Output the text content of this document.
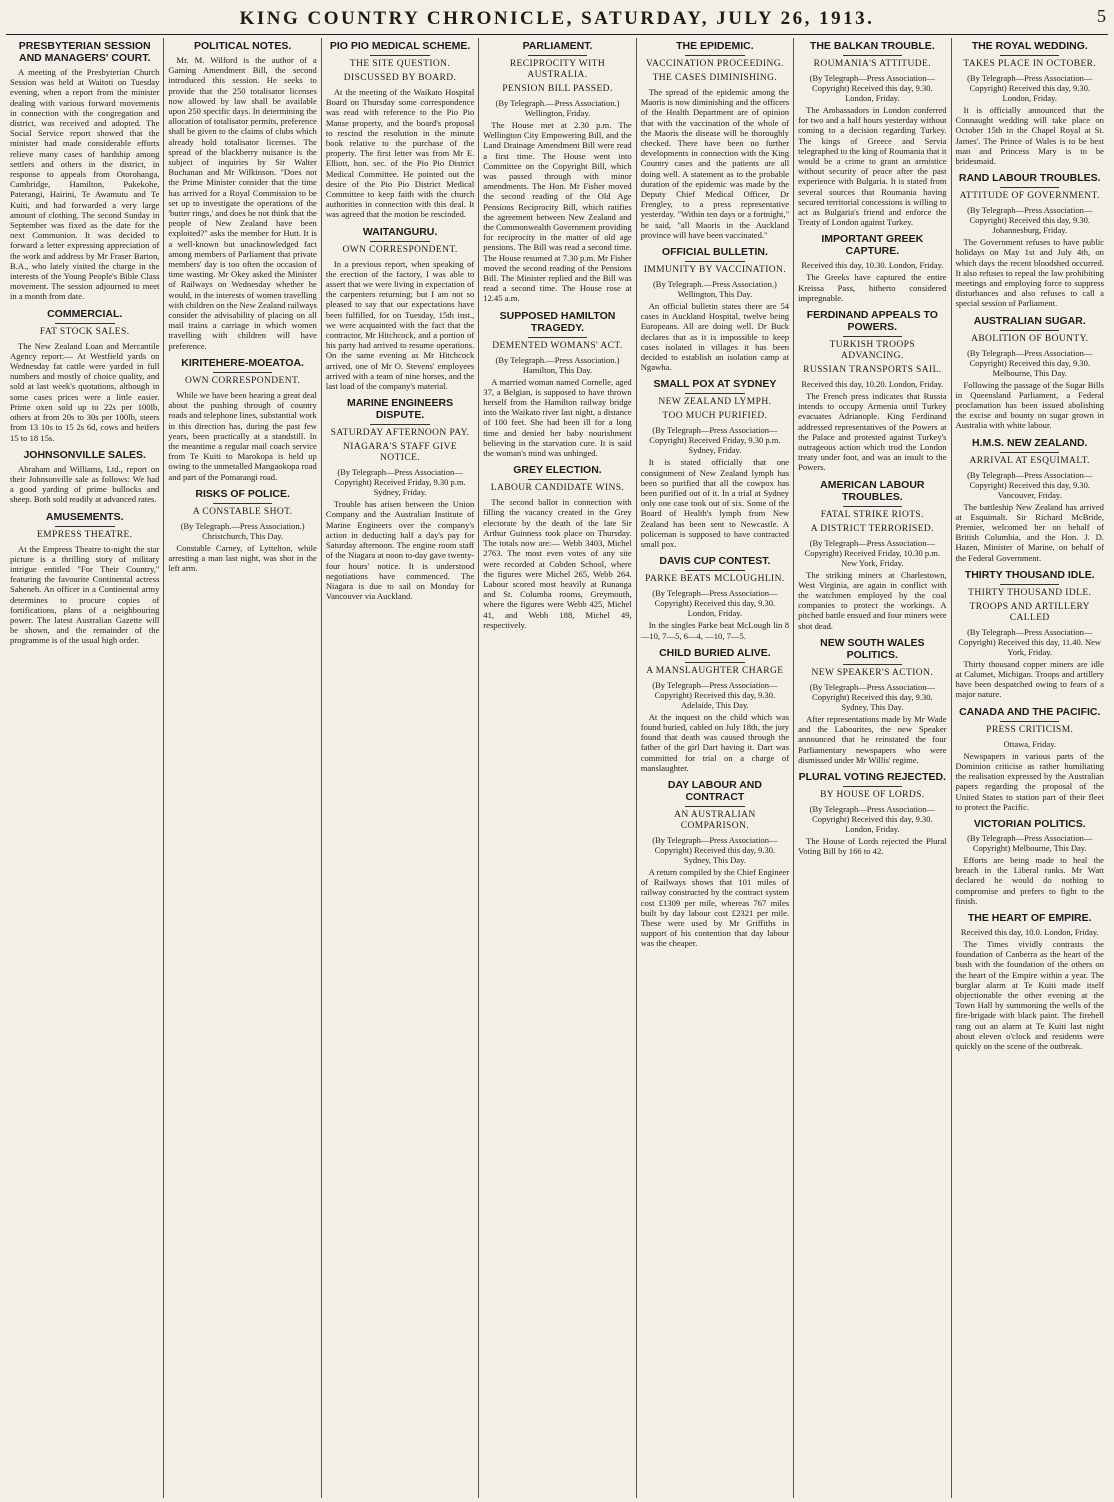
KING COUNTRY CHRONICLE, SATURDAY, JULY 26, 1913.	5
PRESBYTERIAN SESSION AND MANAGERS' COURT.
A meeting of the Presbyterian Church Session was held at Waitoti on Tuesday evening, when a report from the minister dealing with various forward movements in connection with the congregation and district, was received and adopted. The Social Service report showed that the minister had made considerable efforts relieve many cases of hardship among settlers and others in the district, in response to appeals from Otorohanga, Cambridge, Hamilton, Pukekohe, Paterangi, Hairini, Te Awamutu and Te Kuiti, and had forwarded a very large amount of clothing. The second Sunday in September was fixed as the date for the next Communion. It was decided to forward a letter expressing appreciation of the work and address by Mr Fraser Barton, B.A., who lately visited the charge in the interests of the Young People's Bible Class movement. The session adjourned to meet in a month from date.
COMMERCIAL.
FAT STOCK SALES.
The New Zealand Loan and Mercantile Agency report:— At Westfield yards on Wednesday fat cattle were yarded in full numbers and mostly of choice quality, and sold at last week's quotations, although in some cases prices were a little easier. Prime oxen sold up to 22s per 100lb, others at from 20s to 30s per 100lb, steers from 13 10s to 15 2s 6d, cows and heifers 15 to 18 15s.
JOHNSONVILLE SALES.
Abraham and Williams, Ltd., report on their Johnsonville sale as follows: We had a good yarding of prime bullocks and sheep. Both sold readily at advanced rates.
AMUSEMENTS.
EMPRESS THEATRE.
At the Empress Theatre to-night the star picture is a thrilling story of military intrigue entitled "For Their Country," featuring the favourite Continental actress Saheneh. An officer in a Continental army determines to procure copies of fortifications, plans of a neighbouring power. The latest Australian Gazette will be shown, and the remainder of the programme is of the usual high order.
POLITICAL NOTES.
Mr. M. Wilford is the author of a Gaming Amendment Bill, the second introduced this session. He seeks to provide that the 250 totalisator licenses now allowed by law shall be available upon 250 specific days. In determining the allocation of totalisator permits, preference shall be given to the claims of clubs which already hold totalisator licenses. The spread of the blackberry nuisance is the subject of inquiries by Sir Walter Buchanan and Mr Wilkinson. "Does not the Prime Minister consider that the time has arrived for a Royal Commission to be set up to investigate the operations of the 'butter rings,' and does he not think that the people of New Zealand have been exploited?" asks the member for Hutt. It is a well-known but unacknowledged fact among members of Parliament that private members' day is too often the occasion of time wasting. Mr Okey asked the Minister of Railways on Wednesday whether he would, in the interests of women travelling with children on the New Zealand railways consider the advisability of placing on all mail trains a carriage in which women travelling with children will have preference.
KIRITEHERE-MOEATOA.
OWN CORRESPONDENT.
While we have been hearing a great deal about the pushing through of country roads and telephone lines, substantial work in this direction has, during the past few years, been practically at a standstill. In the meantime a regular mail coach service from Te Kuiti to Marokopa is held up owing to the unmetalled Mangaokopa road and part of the Pomarangi road.
RISKS OF POLICE.
A CONSTABLE SHOT.
(By Telegraph.—Press Association.) Christchurch, This Day.
Constable Carney, of Lyttelton, while arresting a man last night, was shot in the left arm.
PIO PIO MEDICAL SCHEME.
THE SITE QUESTION.
DISCUSSED BY BOARD.
At the meeting of the Waikato Hospital Board on Thursday some correspondence was read with reference to the Pio Pio Manse property, and the board's proposal to rescind the resolution in the minute book relative to the purchase of the property. The first letter was from Mr E. Elliott, hon. sec. of the Pio Pio District Medical Committee. He pointed out the desire of the Pio Pio District Medical Committee to keep faith with the church authorities in connection with this deal. It was agreed that the motion be rescinded.
WAITANGURU.
OWN CORRESPONDENT.
In a previous report, when speaking of the erection of the factory, I was able to assert that we were living in expectation of the carpenters returning; but I am not so pleased to say that our expectations have been fulfilled, for on Tuesday, 15th inst., we were acquainted with the fact that the contractor, Mr Hitchcock, and a portion of his party had arrived to resume operations. On the same evening as Mr Hitchcock arrived, one of Mr O. Stevens' employees arrived with a team of nine horses, and the last load of the company's material.
MARINE ENGINEERS DISPUTE.
SATURDAY AFTERNOON PAY.
NIAGARA'S STAFF GIVE NOTICE.
(By Telegraph—Press Association—Copyright) Received Friday, 9.30 p.m. Sydney, Friday.
Trouble has arisen between the Union Company and the Australian Institute of Marine Engineers over the company's action in deducting half a day's pay for Saturday afternoon. The engine room staff of the Niagara at noon to-day gave twenty-four hours' notice. It is understood negotiations have commenced. The Niagara is due to sail on Monday for Vancouver via Auckland.
PARLIAMENT.
RECIPROCITY WITH AUSTRALIA.
PENSION BILL PASSED.
(By Telegraph.—Press Association.) Wellington, Friday.
The House met at 2.30 p.m. The Wellington City Empowering Bill, and the Land Drainage Amendment Bill were read a first time. The House went into Committee on the Copyright Bill, which was passed through with minor amendments. The Hon. Mr Fisher moved the second reading of the Old Age Pensions Reciprocity Bill, which ratifies the agreement between New Zealand and the Commonwealth Government providing for reciprocity in the matter of old age pensions. The Bill was read a second time. The House resumed at 7.30 p.m. Mr Fisher moved the second reading of the Pensions Bill. The Minister replied and the Bill was read a second time. The House rose at 12.45 a.m.
SUPPOSED HAMILTON TRAGEDY.
DEMENTED WOMANS' ACT.
(By Telegraph.—Press Association.) Hamilton, This Day.
A married woman named Cornelle, aged 37, a Belgian, is supposed to have thrown herself from the Hamilton railway bridge into the Waikato river last night, a distance of 100 feet. She had been ill for a long time and denied her baby nourishment believing in the starvation cure. It is said the woman's mind was unhinged.
GREY ELECTION.
LABOUR CANDIDATE WINS.
The second ballot in connection with filling the vacancy created in the Grey electorate by the death of the late Sir Arthur Guinness took place on Thursday. The totals now are:— Webb 3403, Michel 2763. The most even votes of any site were recorded at Cobden School, where the figures were Michel 265, Webb 264. Labour scored most heavily at Runanga and St. Columba rooms, Greymouth, where the figures were Webb 425, Michel 41, and Webb 188, Michel 49, respectively.
THE EPIDEMIC.
VACCINATION PROCEEDING.
THE CASES DIMINISHING.
The spread of the epidemic among the Maoris is now diminishing and the officers of the Health Department are of opinion that with the vaccination of the whole of the Maoris the disease will be thoroughly checked. There have been no further developments in connection with the King Country cases and the patients are all doing well. A statement as to the probable duration of the epidemic was made by the Deputy Chief Medical Officer, Dr Frengley, to a press representative yesterday. "Within ten days or a fortnight," he said, "all Maoris in the Auckland province will have been vaccinated."
OFFICIAL BULLETIN.
IMMUNITY BY VACCINATION.
(By Telegraph.—Press Association.) Wellington, This Day.
An official bulletin states there are 54 cases in Auckland Hospital, twelve being Europeans. All are doing well. Dr Buck declares that as it is impossible to keep cases isolated in villages it has been decided to establish an isolation camp at Ngawha.
SMALL POX AT SYDNEY
NEW ZEALAND LYMPH.
TOO MUCH PURIFIED.
(By Telegraph—Press Association—Copyright) Received Friday, 9.30 p.m. Sydney, Friday.
It is stated officially that one consignment of New Zealand lymph has been so purified that all the cowpox has been purified out of it. In a trial at Sydney only one case took out of six. Some of the Board of Health's lymph from New Zealand has been sent to Newcastle. A policeman is supposed to have contracted small pox.
DAVIS CUP CONTEST.
PARKE BEATS MCLOUGHLIN.
(By Telegraph—Press Association—Copyright) Received this day, 9.30. London, Friday.
In the singles Parke beat McLough lin 8—10, 7—5, 6—4, —10, 7—5.
CHILD BURIED ALIVE.
A MANSLAUGHTER CHARGE
(By Telegraph—Press Association—Copyright) Received this day, 9.30. Adelaide, This Day.
At the inquest on the child which was found buried, cabled on July 18th, the jury found that death was caused through the father of the girl Dart having it. Dart was committed for trial on a charge of manslaughter.
DAY LABOUR AND CONTRACT
AN AUSTRALIAN COMPARISON.
(By Telegraph—Press Association—Copyright) Received this day, 9.30. Sydney, This Day.
A return compiled by the Chief Engineer of Railways shows that 101 miles of railway constructed by the contract system cost £1309 per mile, whereas 767 miles built by day labour cost £2321 per mile. These were used by Mr Griffiths in support of his contention that day labour was the cheaper.
THE BALKAN TROUBLE.
ROUMANIA'S ATTITUDE.
(By Telegraph—Press Association—Copyright) Received this day, 9.30. London, Friday.
The Ambassadors in London conferred for two and a half hours yesterday without coming to a decision regarding Turkey. The kings of Greece and Servia telegraphed to the king of Roumania that it would be a crime to grant an armistice without security of peace after the past experience with Bulgaria. It is stated from several sources that Roumania having secured territorial concessions is willing to act as Bulgaria's friend and enforce the Treaty of London against Turkey.
IMPORTANT GREEK CAPTURE.
Received this day, 10.30. London, Friday.
The Greeks have captured the entire Kreissa Pass, hitherto considered impregnable.
FERDINAND APPEALS TO POWERS.
TURKISH TROOPS ADVANCING.
RUSSIAN TRANSPORTS SAIL.
Received this day, 10.20. London, Friday.
The French press indicates that Russia intends to occupy Armenia until Turkey evacuates Adrianople. King Ferdinand addressed representatives of the Powers at the Palace and protested against Turkey's outrageous action which trod the London treaty under foot, and was an insult to the Powers.
AMERICAN LABOUR TROUBLES.
FATAL STRIKE RIOTS.
A DISTRICT TERRORISED.
(By Telegraph—Press Association—Copyright) Received Friday, 10.30 p.m. New York, Friday.
The striking miners at Charlestown, West Virginia, are again in conflict with the watchmen employed by the coal companies to protect the workings. A pitched battle ensued and four miners were shot dead.
NEW SOUTH WALES POLITICS.
NEW SPEAKER'S ACTION.
(By Telegraph—Press Association—Copyright) Received this day, 9.30. Sydney, This Day.
After representations made by Mr Wade and the Labourites, the new Speaker announced that he reinstated the four Parliamentary newspapers who were dismissed under Mr Willis' regime.
PLURAL VOTING REJECTED.
BY HOUSE OF LORDS.
(By Telegraph—Press Association—Copyright) Received this day, 9.30. London, Friday.
The House of Lords rejected the Plural Voting Bill by 166 to 42.
THE ROYAL WEDDING.
TAKES PLACE IN OCTOBER.
(By Telegraph—Press Association—Copyright) Received this day, 9.30. London, Friday.
It is officially announced that the Connaught wedding will take place on October 15th in the Chapel Royal at St. James'. The Prince of Wales is to be best man and Princess Mary is to be bridesmaid.
RAND LABOUR TROUBLES.
ATTITUDE OF GOVERNMENT.
(By Telegraph—Press Association—Copyright) Received this day, 9.30. Johannesburg, Friday.
The Government refuses to have public holidays on May 1st and July 4th, on which days the recent bloodshed occurred. It also refuses to repeal the law prohibiting meetings and employing force to suppress disturbances and also refuses to call a special session of Parliament.
AUSTRALIAN SUGAR.
ABOLITION OF BOUNTY.
(By Telegraph—Press Association—Copyright) Received this day, 9.30. Melbourne, This Day.
Following the passage of the Sugar Bills in Queensland Parliament, a Federal proclamation has been issued abolishing the excise and bounty on sugar grown in Australia with white labour.
H.M.S. NEW ZEALAND.
ARRIVAL AT ESQUIMALT.
(By Telegraph—Press Association—Copyright) Received this day, 9.30. Vancouver, Friday.
The battleship New Zealand has arrived at Esquimalt. Sir Richard McBride, Premier, welcomed her on behalf of British Columbia, and the Hon. J. D. Hazen, Minister of Marine, on behalf of the Federal Government.
THIRTY THOUSAND IDLE.
THIRTY THOUSAND IDLE.
TROOPS AND ARTILLERY CALLED
(By Telegraph—Press Association—Copyright) Received this day, 11.40. New York, Friday.
Thirty thousand copper miners are idle at Calumet, Michigan. Troops and artillery have been despatched owing to fears of a major nature.
CANADA AND THE PACIFIC.
PRESS CRITICISM.
Ottawa, Friday.
Newspapers in various parts of the Dominion criticise as rather humiliating the realisation expressed by the Australian papers regarding the proposal of the United States to station part of their fleet to protect the Pacific.
VICTORIAN POLITICS.
(By Telegraph—Press Association—Copyright) Melbourne, This Day.
Efforts are being made to heal the breach in the Liberal ranks. Mr Watt declared he would do nothing to compromise and prefers to fight to the finish.
THE HEART OF EMPIRE.
Received this day, 10.0. London, Friday.
The Times vividly contrasts the foundation of Canberra as the heart of the bush with the foundation of the others on the heart of the Empire within a year. The burglar alarm at Te Kuiti made itself objectionable the other evening at the Town Hall by summoning the wells of the fire-brigade with black paint. The firebell rang out an alarm at Te Kuiti last night about eleven o'clock and residents were quickly on the scene of the outbreak.
